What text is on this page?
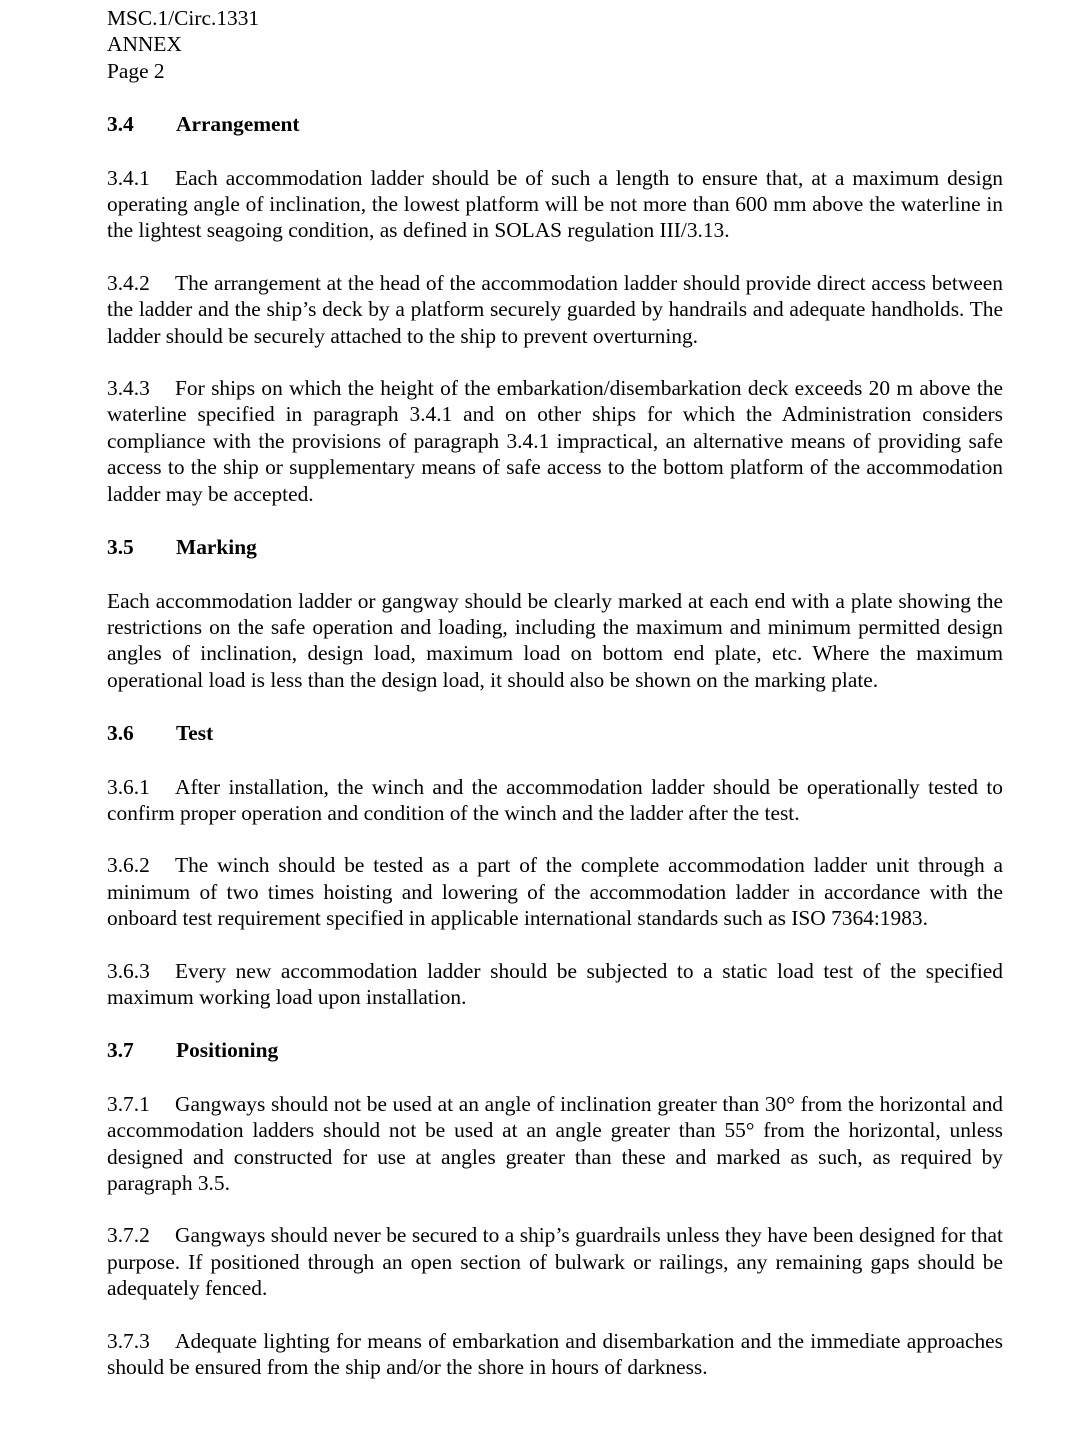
MSC.1/Circ.1331
ANNEX
Page 2
3.4	Arrangement

3.4.1 Each accommodation ladder should be of such a length to ensure that, at a maximum design operating angle of inclination, the lowest platform will be not more than 600 mm above the waterline in the lightest seagoing condition, as defined in SOLAS regulation III/3.13.

3.4.2 The arrangement at the head of the accommodation ladder should provide direct access between the ladder and the ship’s deck by a platform securely guarded by handrails and adequate handholds. The ladder should be securely attached to the ship to prevent overturning.

3.4.3 For ships on which the height of the embarkation/disembarkation deck exceeds 20 m above the waterline specified in paragraph 3.4.1 and on other ships for which the Administration considers compliance with the provisions of paragraph 3.4.1 impractical, an alternative means of providing safe access to the ship or supplementary means of safe access to the bottom platform of the accommodation ladder may be accepted.

3.5	Marking

Each accommodation ladder or gangway should be clearly marked at each end with a plate showing the restrictions on the safe operation and loading, including the maximum and minimum permitted design angles of inclination, design load, maximum load on bottom end plate, etc. Where the maximum operational load is less than the design load, it should also be shown on the marking plate.

3.6	Test

3.6.1 After installation, the winch and the accommodation ladder should be operationally tested to confirm proper operation and condition of the winch and the ladder after the test.

3.6.2 The winch should be tested as a part of the complete accommodation ladder unit through a minimum of two times hoisting and lowering of the accommodation ladder in accordance with the onboard test requirement specified in applicable international standards such as ISO 7364:1983.

3.6.3 Every new accommodation ladder should be subjected to a static load test of the specified maximum working load upon installation.

3.7	Positioning

3.7.1 Gangways should not be used at an angle of inclination greater than 30° from the horizontal and accommodation ladders should not be used at an angle greater than 55° from the horizontal, unless designed and constructed for use at angles greater than these and marked as such, as required by paragraph 3.5.

3.7.2 Gangways should never be secured to a ship’s guardrails unless they have been designed for that purpose. If positioned through an open section of bulwark or railings, any remaining gaps should be adequately fenced.

3.7.3 Adequate lighting for means of embarkation and disembarkation and the immediate approaches should be ensured from the ship and/or the shore in hours of darkness.
